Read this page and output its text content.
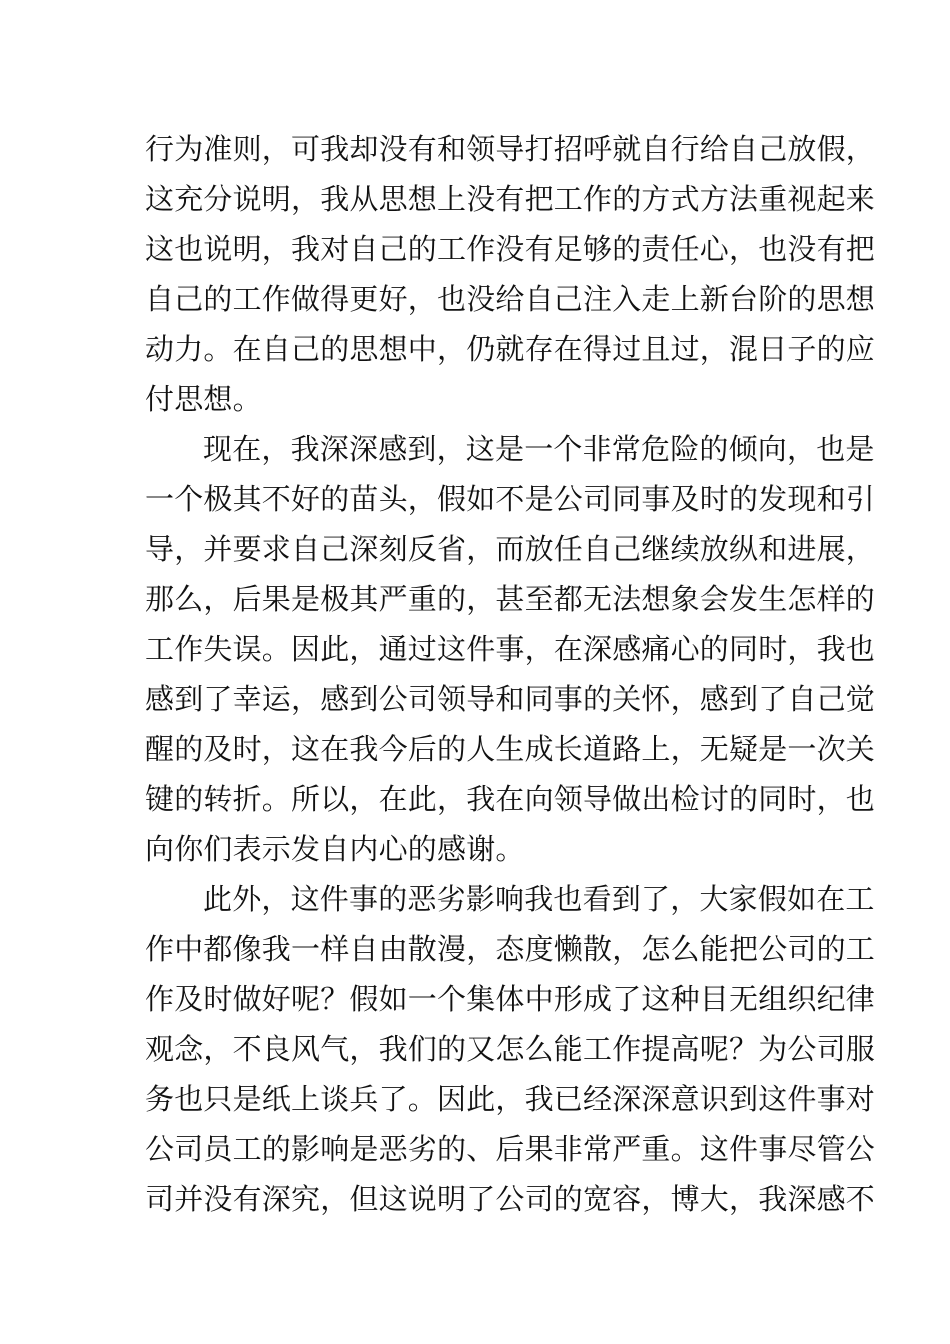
行为准则，可我却没有和领导打招呼就自行给自己放假，
这充分说明，我从思想上没有把工作的方式方法重视起来
这也说明，我对自己的工作没有足够的责任心，也没有把
自己的工作做得更好，也没给自己注入走上新台阶的思想
动力。在自己的思想中，仍就存在得过且过，混日子的应
付思想。
现在，我深深感到，这是一个非常危险的倾向，也是
一个极其不好的苗头，假如不是公司同事及时的发现和引
导，并要求自己深刻反省，而放任自己继续放纵和进展，
那么，后果是极其严重的，甚至都无法想象会发生怎样的
工作失误。因此，通过这件事，在深感痛心的同时，我也
感到了幸运，感到公司领导和同事的关怀，感到了自己觉
醒的及时，这在我今后的人生成长道路上，无疑是一次关
键的转折。所以，在此，我在向领导做出检讨的同时，也
向你们表示发自内心的感谢。
此外，这件事的恶劣影响我也看到了，大家假如在工
作中都像我一样自由散漫，态度懒散，怎么能把公司的工
作及时做好呢？假如一个集体中形成了这种目无组织纪律
观念，不良风气，我们的又怎么能工作提高呢？为公司服
务也只是纸上谈兵了。因此，我已经深深意识到这件事对
公司员工的影响是恶劣的、后果非常严重。这件事尽管公
司并没有深究，但这说明了公司的宽容，博大，我深感不
